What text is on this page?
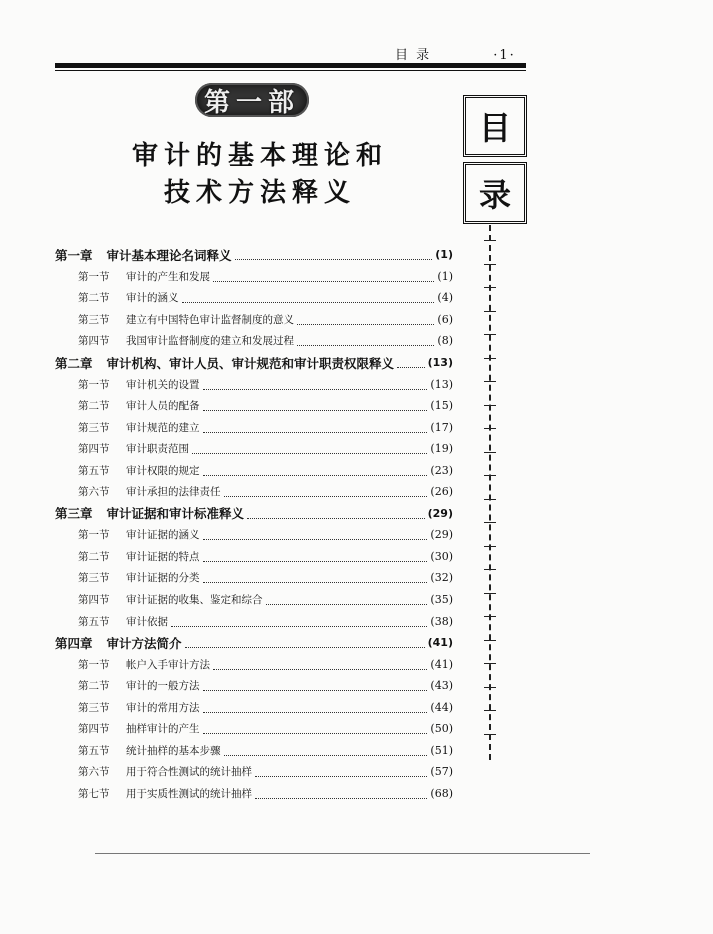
目 录	·1·
第一部
审计的基本理论和
技术方法释义
目
录
第一章 审计基本理论名词释义	(1)
第一节	审计的产生和发展	(1)
第二节	审计的涵义	(4)
第三节	建立有中国特色审计监督制度的意义	(6)
第四节	我国审计监督制度的建立和发展过程	(8)
第二章 审计机构、审计人员、审计规范和审计职责权限释义	(13)
第一节	审计机关的设置	(13)
第二节	审计人员的配备	(15)
第三节	审计规范的建立	(17)
第四节	审计职责范围	(19)
第五节	审计权限的规定	(23)
第六节	审计承担的法律责任	(26)
第三章 审计证据和审计标准释义	(29)
第一节	审计证据的涵义	(29)
第二节	审计证据的特点	(30)
第三节	审计证据的分类	(32)
第四节	审计证据的收集、鉴定和综合	(35)
第五节	审计依据	(38)
第四章 审计方法简介	(41)
第一节	帐户入手审计方法	(41)
第二节	审计的一般方法	(43)
第三节	审计的常用方法	(44)
第四节	抽样审计的产生	(50)
第五节	统计抽样的基本步骤	(51)
第六节	用于符合性测试的统计抽样	(57)
第七节	用于实质性测试的统计抽样	(68)
